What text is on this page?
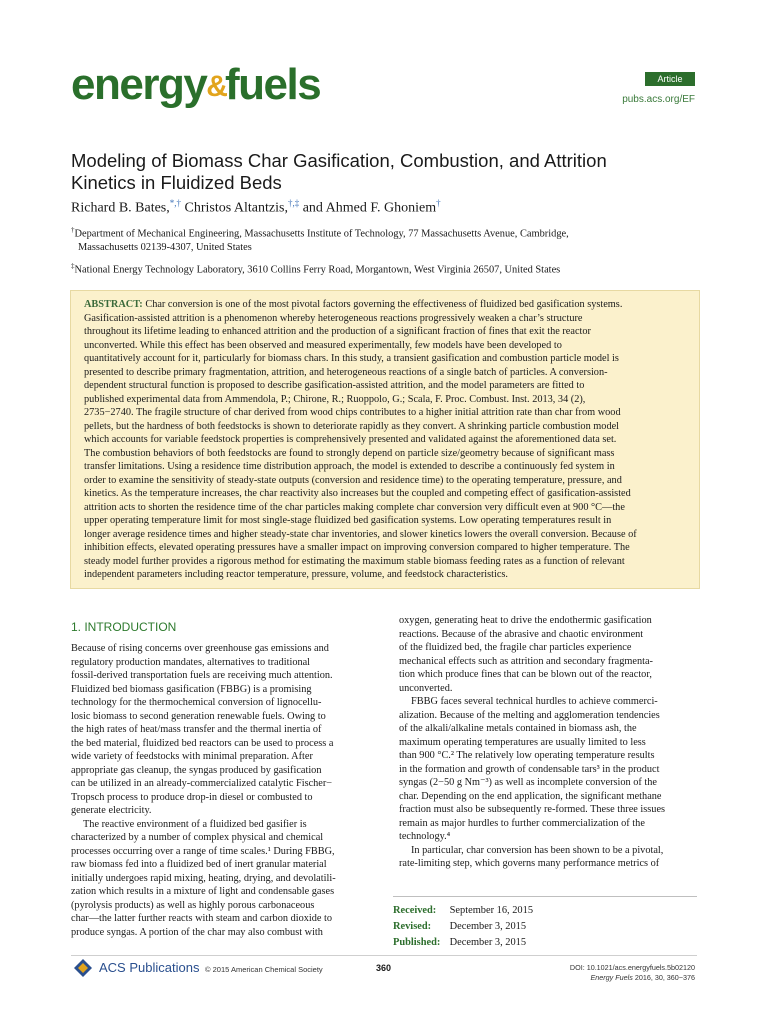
energy&fuels	Article
pubs.acs.org/EF
Modeling of Biomass Char Gasification, Combustion, and Attrition
Kinetics in Fluidized Beds
Richard B. Bates,*,† Christos Altantzis,†,‡ and Ahmed F. Ghoniem†
†Department of Mechanical Engineering, Massachusetts Institute of Technology, 77 Massachusetts Avenue, Cambridge,
Massachusetts 02139-4307, United States
‡National Energy Technology Laboratory, 3610 Collins Ferry Road, Morgantown, West Virginia 26507, United States
ABSTRACT: Char conversion is one of the most pivotal factors governing the effectiveness of fluidized bed gasification systems.
Gasification-assisted attrition is a phenomenon whereby heterogeneous reactions progressively weaken a char’s structure
throughout its lifetime leading to enhanced attrition and the production of a significant fraction of fines that exit the reactor
unconverted. While this effect has been observed and measured experimentally, few models have been developed to
quantitatively account for it, particularly for biomass chars. In this study, a transient gasification and combustion particle model is
presented to describe primary fragmentation, attrition, and heterogeneous reactions of a single batch of particles. A conversion-
dependent structural function is proposed to describe gasification-assisted attrition, and the model parameters are fitted to
published experimental data from Ammendola, P.; Chirone, R.; Ruoppolo, G.; Scala, F. Proc. Combust. Inst. 2013, 34 (2),
2735−2740. The fragile structure of char derived from wood chips contributes to a higher initial attrition rate than char from wood
pellets, but the hardness of both feedstocks is shown to deteriorate rapidly as they convert. A shrinking particle combustion model
which accounts for variable feedstock properties is comprehensively presented and validated against the aforementioned data set.
The combustion behaviors of both feedstocks are found to strongly depend on particle size/geometry because of significant mass
transfer limitations. Using a residence time distribution approach, the model is extended to describe a continuously fed system in
order to examine the sensitivity of steady-state outputs (conversion and residence time) to the operating temperature, pressure, and
kinetics. As the temperature increases, the char reactivity also increases but the coupled and competing effect of gasification-assisted
attrition acts to shorten the residence time of the char particles making complete char conversion very difficult even at 900 °C—the
upper operating temperature limit for most single-stage fluidized bed gasification systems. Low operating temperatures result in
longer average residence times and higher steady-state char inventories, and slower kinetics lowers the overall conversion. Because of
inhibition effects, elevated operating pressures have a smaller impact on improving conversion compared to higher temperature. The
steady model further provides a rigorous method for estimating the maximum stable biomass feeding rates as a function of relevant
independent parameters including reactor temperature, pressure, volume, and feedstock characteristics.
1. INTRODUCTION
Because of rising concerns over greenhouse gas emissions and
regulatory production mandates, alternatives to traditional
fossil-derived transportation fuels are receiving much attention.
Fluidized bed biomass gasification (FBBG) is a promising
technology for the thermochemical conversion of lignocellu-
losic biomass to second generation renewable fuels. Owing to
the high rates of heat/mass transfer and the thermal inertia of
the bed material, fluidized bed reactors can be used to process a
wide variety of feedstocks with minimal preparation. After
appropriate gas cleanup, the syngas produced by gasification
can be utilized in an already-commercialized catalytic Fischer−
Tropsch process to produce drop-in diesel or combusted to
generate electricity.
The reactive environment of a fluidized bed gasifier is
characterized by a number of complex physical and chemical
processes occurring over a range of time scales.¹ During FBBG,
raw biomass fed into a fluidized bed of inert granular material
initially undergoes rapid mixing, heating, drying, and devolatili-
zation which results in a mixture of light and condensable gases
(pyrolysis products) as well as highly porous carbonaceous
char—the latter further reacts with steam and carbon dioxide to
produce syngas. A portion of the char may also combust with
oxygen, generating heat to drive the endothermic gasification
reactions. Because of the abrasive and chaotic environment
of the fluidized bed, the fragile char particles experience
mechanical effects such as attrition and secondary fragmenta-
tion which produce fines that can be blown out of the reactor,
unconverted.
FBBG faces several technical hurdles to achieve commerci-
alization. Because of the melting and agglomeration tendencies
of the alkali/alkaline metals contained in biomass ash, the
maximum operating temperatures are usually limited to less
than 900 °C.² The relatively low operating temperature results
in the formation and growth of condensable tars³ in the product
syngas (2−50 g Nm⁻³) as well as incomplete conversion of the
char. Depending on the end application, the significant methane
fraction must also be subsequently re-formed. These three issues
remain as major hurdles to further commercialization of the
technology.⁴
In particular, char conversion has been shown to be a pivotal,
rate-limiting step, which governs many performance metrics of
Received: September 16, 2015
Revised: December 3, 2015
Published: December 3, 2015
ACS Publications © 2015 American Chemical Society	360	DOI: 10.1021/acs.energyfuels.5b02120
Energy Fuels 2016, 30, 360−376
